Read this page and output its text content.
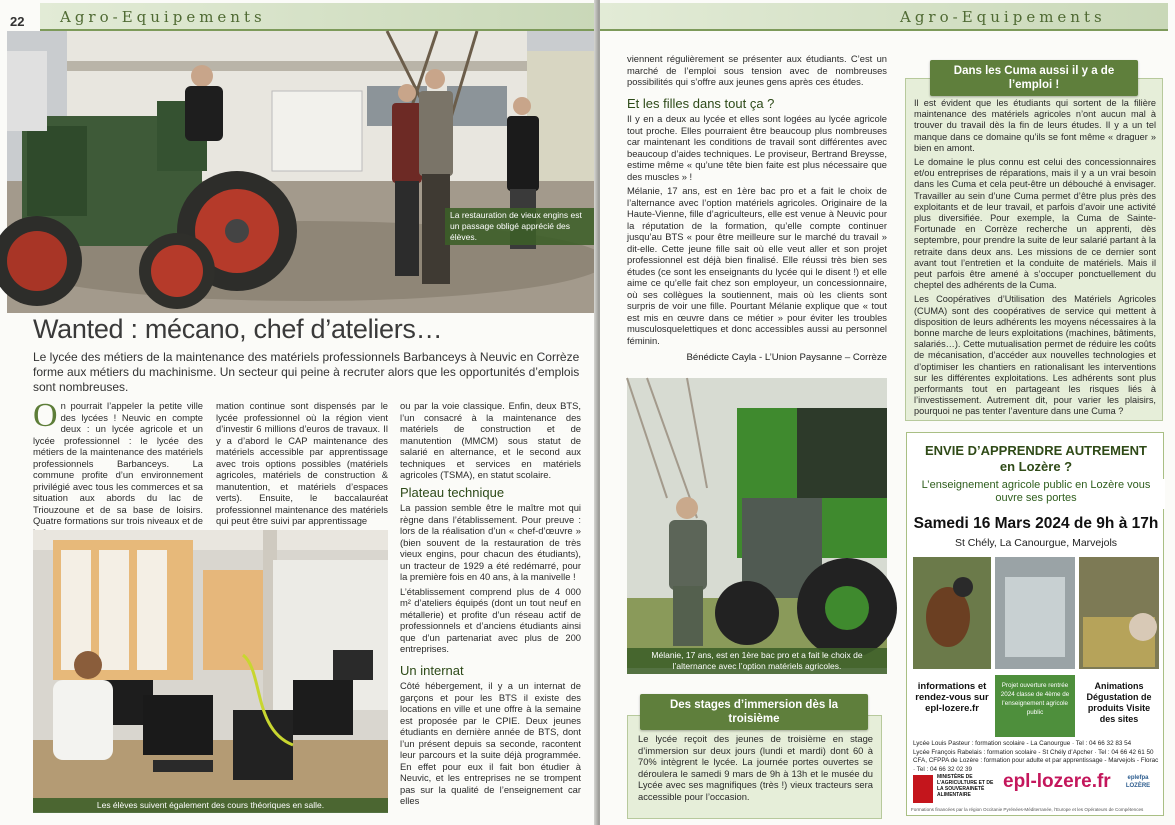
Agro-Equipements
22
La restauration de vieux engins est un passage obligé apprécié des élèves.
Wanted : mécano, chef d’ateliers…
Le lycée des métiers de la maintenance des matériels professionnels Barbanceys à Neuvic en Corrèze forme aux métiers du machinisme. Un secteur qui peine à recruter alors que les opportunités d’emplois sont nombreuses.
On pourrait l’appeler la petite ville des lycées ! Neuvic en compte deux : un lycée agricole et un lycée professionnel : le lycée des métiers de la maintenance des matériels professionnels Barbanceys. La commune profite d’un environnement privilégié avec tous les commerces et sa situation aux abords du lac de Triouzoune et de sa base de loisirs. Quatre formations sur trois niveaux et de
mation continue sont dispensés par le lycée professionnel où la région vient d’investir 6 millions d’euros de travaux. Il y a d’abord le CAP maintenance des matériels accessible par apprentissage avec trois options possibles (matériels agricoles, matériels de construction & manutention, et matériels d’espaces verts). Ensuite, le baccalauréat professionnel maintenance des matériels qui peut être suivi par apprentissage

ou par la voie classique. Enfin, deux BTS, l’un consacré à la maintenance des matériels de construction et de manutention (MMCM) sous statut de salarié en alternance, et le second aux techniques et services en matériels agricoles (TSMA), en statut scolaire.

Plateau technique

La passion semble être le maître mot qui règne dans l’établissement. Pour preuve : lors de la réalisation d’un « chef-d’œuvre » (bien souvent de la restauration de très vieux engins, pour chacun des étudiants), un tracteur de 1929 a été redémarré, pour la première fois en 40 ans, à la manivelle !

L’établissement comprend plus de 4 000 m² d’ateliers équipés (dont un tout neuf en métallerie) et profite d’un réseau actif de professionnels et d’anciens étudiants ainsi que d’un partenariat avec plus de 200 entreprises.

Un internat

Côté hébergement, il y a un internat de garçons et pour les BTS il existe des locations en ville et une offre à la semaine est proposée par le CPIE. Deux jeunes étudiants en dernière année de BTS, dont l’un présent depuis sa seconde, racontent leur parcours et la suite déjà programmée. En effet pour eux il fait bon étudier à Neuvic, et les entreprises ne se trompent pas sur la qualité de l’enseignement car elles

Les élèves suivent également des cours théoriques en salle.
Agro-Equipements

viennent régulièrement se présenter aux étudiants. C’est un marché de l’emploi sous tension avec de nombreuses possibilités qui s’offre aux jeunes gens après ces études.

Et les filles dans tout ça ?

Il y en a deux au lycée et elles sont logées au lycée agricole tout proche. Elles pourraient être beaucoup plus nombreuses car maintenant les conditions de travail sont différentes avec beaucoup d’aides techniques. Le proviseur, Bertrand Breysse, estime même « qu’une tête bien faite est plus nécessaire que des muscles » !

Mélanie, 17 ans, est en 1ère bac pro et a fait le choix de l’alternance avec l’option matériels agricoles. Originaire de la Haute-Vienne, fille d’agriculteurs, elle est venue à Neuvic pour la réputation de la formation, qu’elle compte continuer jusqu’au BTS « pour être meilleure sur le marché du travail » dit-elle. Cette jeune fille sait où elle veut aller et son projet professionnel est déjà bien finalisé. Elle réussi très bien ses études (ce sont les enseignants du lycée qui le disent !) et elle aime ce qu’elle fait chez son employeur, un concessionnaire, où ses collègues la soutiennent, mais où les clients sont surpris de voir une fille. Pourtant Mélanie explique que « tout est mis en œuvre dans ce métier » pour éviter les troubles musculosquelettiques et donc accessibles aussi au personnel féminin.

Bénédicte Cayla - L’Union Paysanne – Corrèze
Mélanie, 17 ans, est en 1ère bac pro et a fait le choix de l’alternance avec l’option matériels agricoles.
Des stages d’immersion dès la troisième
Le lycée reçoit des jeunes de troisième en stage d’immersion sur deux jours (lundi et mardi) dont 60 à 70% intègrent le lycée. La journée portes ouvertes se déroulera le samedi 9 mars de 9h à 13h et le musée du Lycée avec ses magnifiques (très !) vieux tracteurs sera accessible pour l’occasion.
Dans les Cuma aussi il y a de l’emploi !

Il est évident que les étudiants qui sortent de la filière maintenance des matériels agricoles n’ont aucun mal à trouver du travail dès la fin de leurs études. Il y a un tel manque dans ce domaine qu’ils se font même « draguer » bien en amont.

Le domaine le plus connu est celui des concessionnaires et/ou entreprises de réparations, mais il y a un vrai besoin dans les Cuma et cela peut-être un débouché à envisager. Travailler au sein d’une Cuma permet d’être plus près des exploitants et de leur travail, et parfois d’avoir une activité plus diversifiée. Pour exemple, la Cuma de Sainte-Fortunade en Corrèze recherche un apprenti, dès septembre, pour prendre la suite de leur salarié partant à la retraite dans deux ans. Les missions de ce dernier sont avant tout l’entretien et la conduite de matériels. Mais il peut parfois être amené à s’occuper ponctuellement du cheptel des adhérents de la Cuma.

Les Coopératives d’Utilisation des Matériels Agricoles (CUMA) sont des coopératives de service qui mettent à disposition de leurs adhérents les moyens nécessaires à la bonne marche de leurs exploitations (machines, bâtiments, salariés…). Cette mutualisation permet de réduire les coûts de mécanisation, d’accéder aux nouvelles technologies et d’optimiser les chantiers en rationalisant les interventions sur les différentes exploitations. Les adhérents sont plus performants tout en partageant les risques liés à l’investissement. Autrement dit, pour varier les plaisirs, pourquoi ne pas tenter l’aventure dans une Cuma ?

ENVIE D’APPRENDRE AUTREMENT
en Lozère ?
L’enseignement agricole public en Lozère vous ouvre ses portes
Samedi 16 Mars 2024 de 9h à 17h
St Chély, La Canourgue, Marvejols
informations et rendez-vous sur epl-lozere.fr
Projet ouverture rentrée 2024 classe de 4ème de l’enseignement agricole public
Animations Dégustation de produits Visite des sites
Lycée Louis Pasteur : formation scolaire - La Canourgue · Tel : 04 66 32 83 54
Lycée François Rabelais : formation scolaire - St Chély d’Apcher · Tel : 04 66 42 61 50
CFA, CFPPA de Lozère : formation pour adulte et par apprentissage - Marvejols - Florac · Tel : 04 66 32 02 39
MINISTÈRE DE L’AGRICULTURE ET DE LA SOUVERAINETÉ ALIMENTAIRE
epl-lozere.fr	eplefpa LOZÈRE
Formations financées par la région Occitanie Pyrénées-Méditerranée, l’Europe et les Opérateurs de Compétences
